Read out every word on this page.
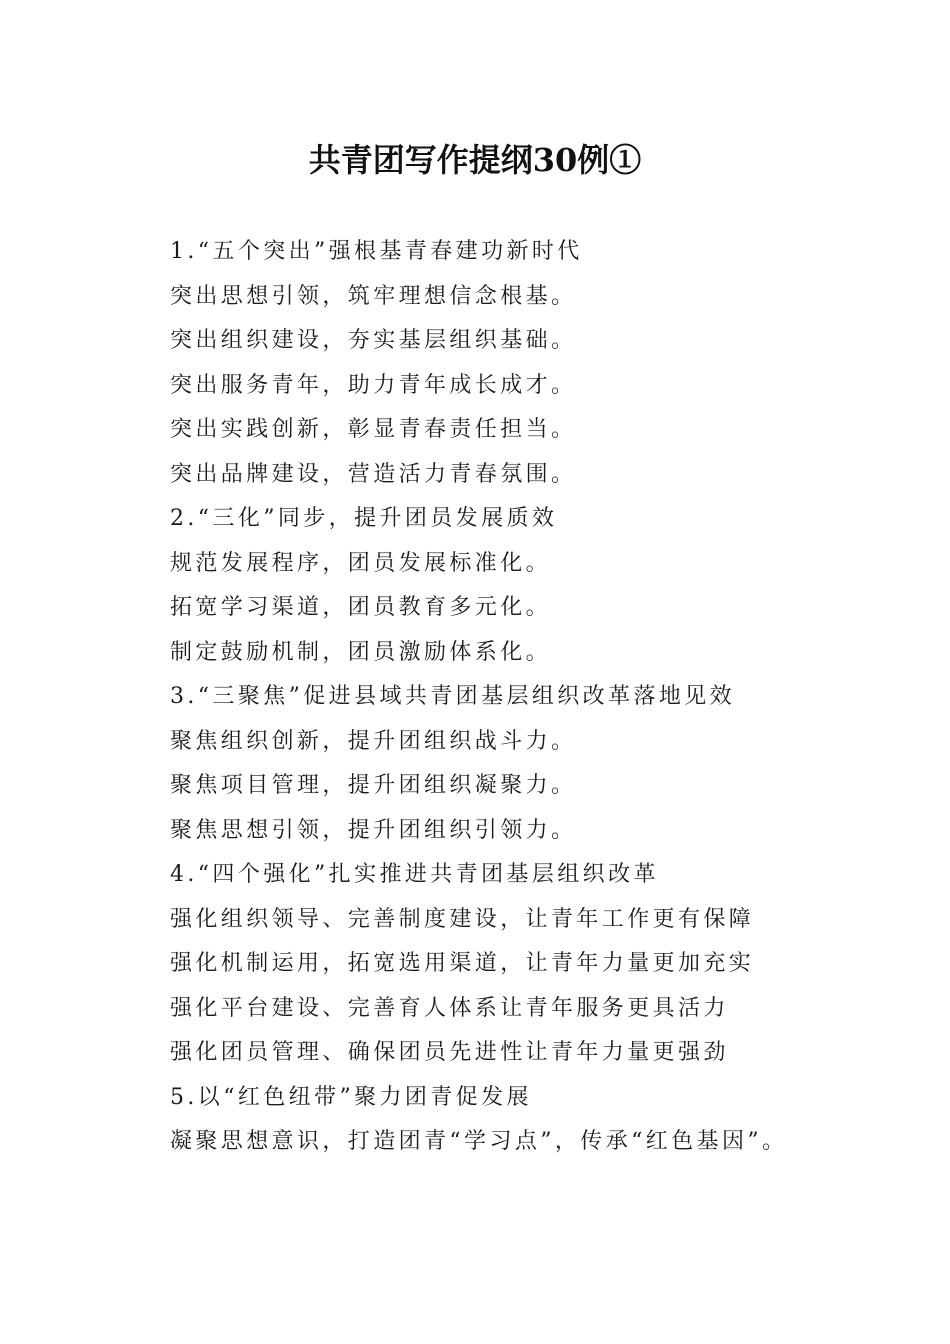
共青团写作提纲30例①
1.“五个突出”强根基青春建功新时代
突出思想引领，筑牢理想信念根基。
突出组织建设，夯实基层组织基础。
突出服务青年，助力青年成长成才。
突出实践创新，彰显青春责任担当。
突出品牌建设，营造活力青春氛围。
2.“三化”同步，提升团员发展质效
规范发展程序，团员发展标准化。
拓宽学习渠道，团员教育多元化。
制定鼓励机制，团员激励体系化。
3.“三聚焦”促进县域共青团基层组织改革落地见效
聚焦组织创新，提升团组织战斗力。
聚焦项目管理，提升团组织凝聚力。
聚焦思想引领，提升团组织引领力。
4.“四个强化”扎实推进共青团基层组织改革
强化组织领导、完善制度建设，让青年工作更有保障
强化机制运用，拓宽选用渠道，让青年力量更加充实
强化平台建设、完善育人体系让青年服务更具活力
强化团员管理、确保团员先进性让青年力量更强劲
5.以“红色纽带”聚力团青促发展
凝聚思想意识，打造团青“学习点”，传承“红色基因”。
